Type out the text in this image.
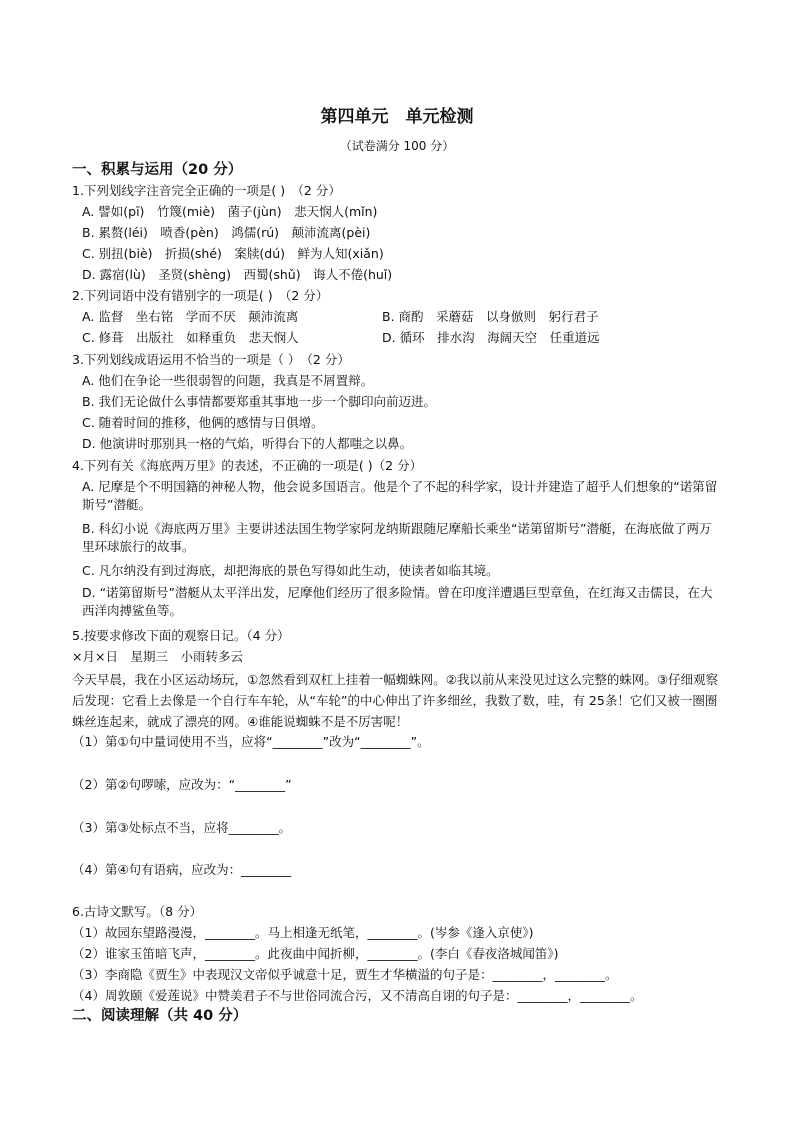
第四单元　单元检测
（试卷满分 100 分）
一、积累与运用（20 分）
1.下列划线字注音完全正确的一项是( )　（2 分）
A. 譬如(pī)　竹篾(miè)　菌子(jùn)　悲天悯人(mǐn)
B. 累赘(léi)　喷香(pèn)　鸿儒(rú)　颠沛流离(pèi)
C. 别扭(biè)　折损(shé)　案牍(dú)　鲜为人知(xiǎn)
D. 露宿(lù)　圣贤(shèng)　西蜀(shǔ)　诲人不倦(huǐ)
2.下列词语中没有错别字的一项是( )　（2 分）
A. 监督　坐右铭　学而不厌　颠沛流离	B. 商酌　采蘑菇　以身倣则　躬行君子
C. 修葺　出版社　如释重负　悲天悯人	D. 循环　排水沟　海阔天空　任重道远
3.下列划线成语运用不恰当的一项是（ ）　（2 分）
A. 他们在争论一些很弱智的问题，我真是不屑置辩。
B. 我们无论做什么事情都要郑重其事地一步一个脚印向前迈进。
C. 随着时间的推移，他俩的感情与日俱增。
D. 他演讲时那别具一格的气焰，听得台下的人都嗤之以鼻。
4.下列有关《海底两万里》的表述，不正确的一项是( )（2 分）
A. 尼摩是个不明国籍的神秘人物，他会说多国语言。他是个了不起的科学家，设计并建造了超乎人们想象的“诺第留斯号”潜艇。
B. 科幻小说《海底两万里》主要讲述法国生物学家阿龙纳斯跟随尼摩船长乘坐“诺第留斯号”潜艇，在海底做了两万里环球旅行的故事。
C. 凡尔纳没有到过海底，却把海底的景色写得如此生动，使读者如临其境。
D. “诺第留斯号”潜艇从太平洋出发，尼摩他们经历了很多险情。曾在印度洋遭遇巨型章鱼，在红海又击儒艮，在大西洋肉搏鲨鱼等。
5.按要求修改下面的观察日记。（4 分）
×月×日　星期三　小雨转多云
今天早晨，我在小区运动场玩，①忽然看到双杠上挂着一幅蜘蛛网。②我以前从来没见过这么完整的蛛网。③仔细观察后发现：它看上去像是一个自行车车轮，从“车轮”的中心伸出了许多细丝，我数了数，哇，有 25条！它们又被一圈圈蛛丝连起来，就成了漂亮的网。④谁能说蜘蛛不是不厉害呢！
（1）第①句中量词使用不当，应将“________”改为“________”。
（2）第②句啰嗦，应改为：“________”
（3）第③处标点不当，应将________。
（4）第④句有语病，应改为：________
6.古诗文默写。（8 分）
（1）故园东望路漫漫，________。马上相逢无纸笔，________。(岑参《逢入京使》)
（2）谁家玉笛暗飞声，________。此夜曲中闻折柳，________。(李白《春夜洛城闻笛》)
（3）李商隐《贾生》中表现汉文帝似乎诚意十足，贾生才华横溢的句子是：________，________。
（4）周敦颐《爱莲说》中赞美君子不与世俗同流合污，又不清高自诩的句子是：________，________。
二、阅读理解（共 40 分）
